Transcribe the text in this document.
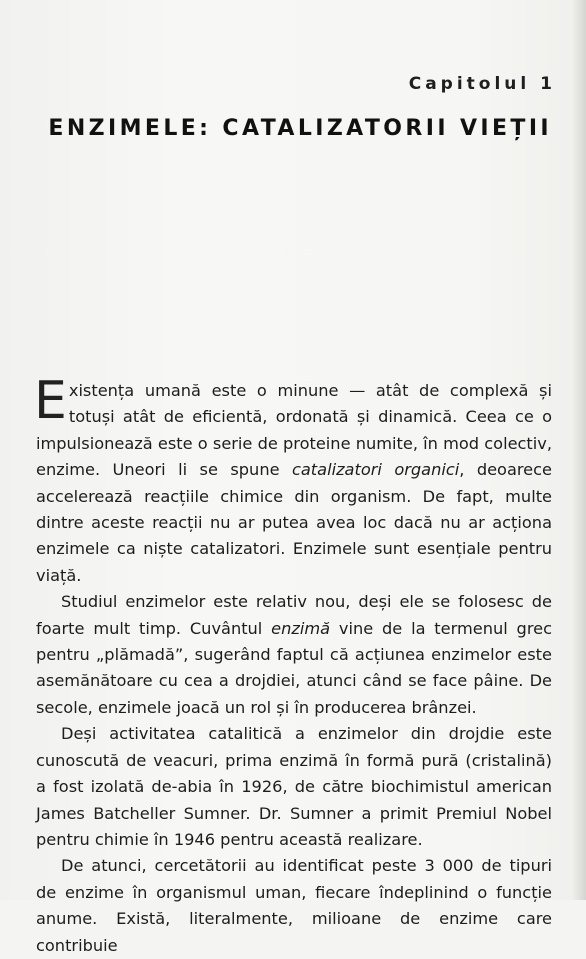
Capitolul 1
ENZIMELE: CATALIZATORII VIEȚII

Existența umană este o minune — atât de complexă și totuși atât de eficientă, ordonată și dinamică. Ceea ce o impulsionează este o serie de proteine numite, în mod colectiv, enzime. Uneori li se spune catalizatori organici, deoarece accelerează reacțiile chimice din organism. De fapt, multe dintre aceste reacții nu ar putea avea loc dacă nu ar acționa enzimele ca niște catalizatori. Enzimele sunt esențiale pentru viață.

Studiul enzimelor este relativ nou, deși ele se folosesc de foarte mult timp. Cuvântul enzimă vine de la termenul grec pentru „plămadă”, sugerând faptul că acțiunea enzimelor este asemănătoare cu cea a drojdiei, atunci când se face pâine. De secole, enzimele joacă un rol și în producerea brânzei.

Deși activitatea catalitică a enzimelor din drojdie este cunoscută de veacuri, prima enzimă în formă pură (cristalină) a fost izolată de-abia în 1926, de către biochimistul american James Batcheller Sumner. Dr. Sumner a primit Premiul Nobel pentru chimie în 1946 pentru această realizare.

De atunci, cercetătorii au identificat peste 3 000 de tipuri de enzime în organismul uman, fiecare îndeplinind o funcție anume. Există, literalmente, milioane de enzime care contribuie
